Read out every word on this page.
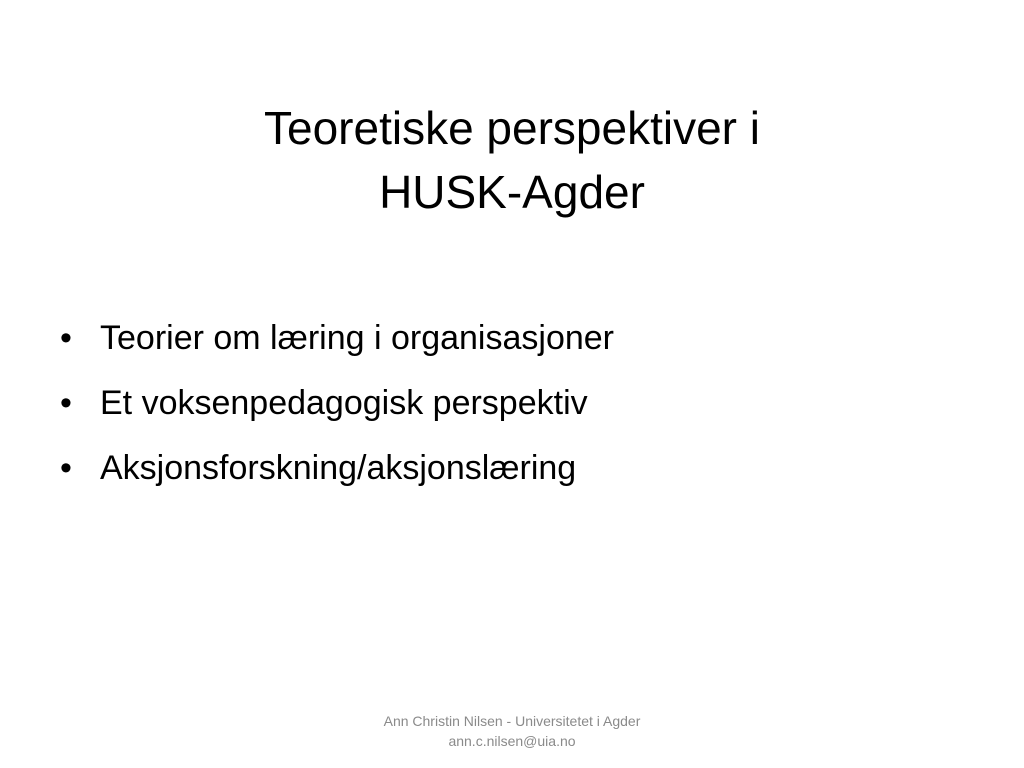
Teoretiske perspektiver i
HUSK-Agder
• Teorier om læring i organisasjoner
• Et voksenpedagogisk perspektiv
• Aksjonsforskning/aksjonslæring
Ann Christin Nilsen - Universitetet i Agder
ann.c.nilsen@uia.no
